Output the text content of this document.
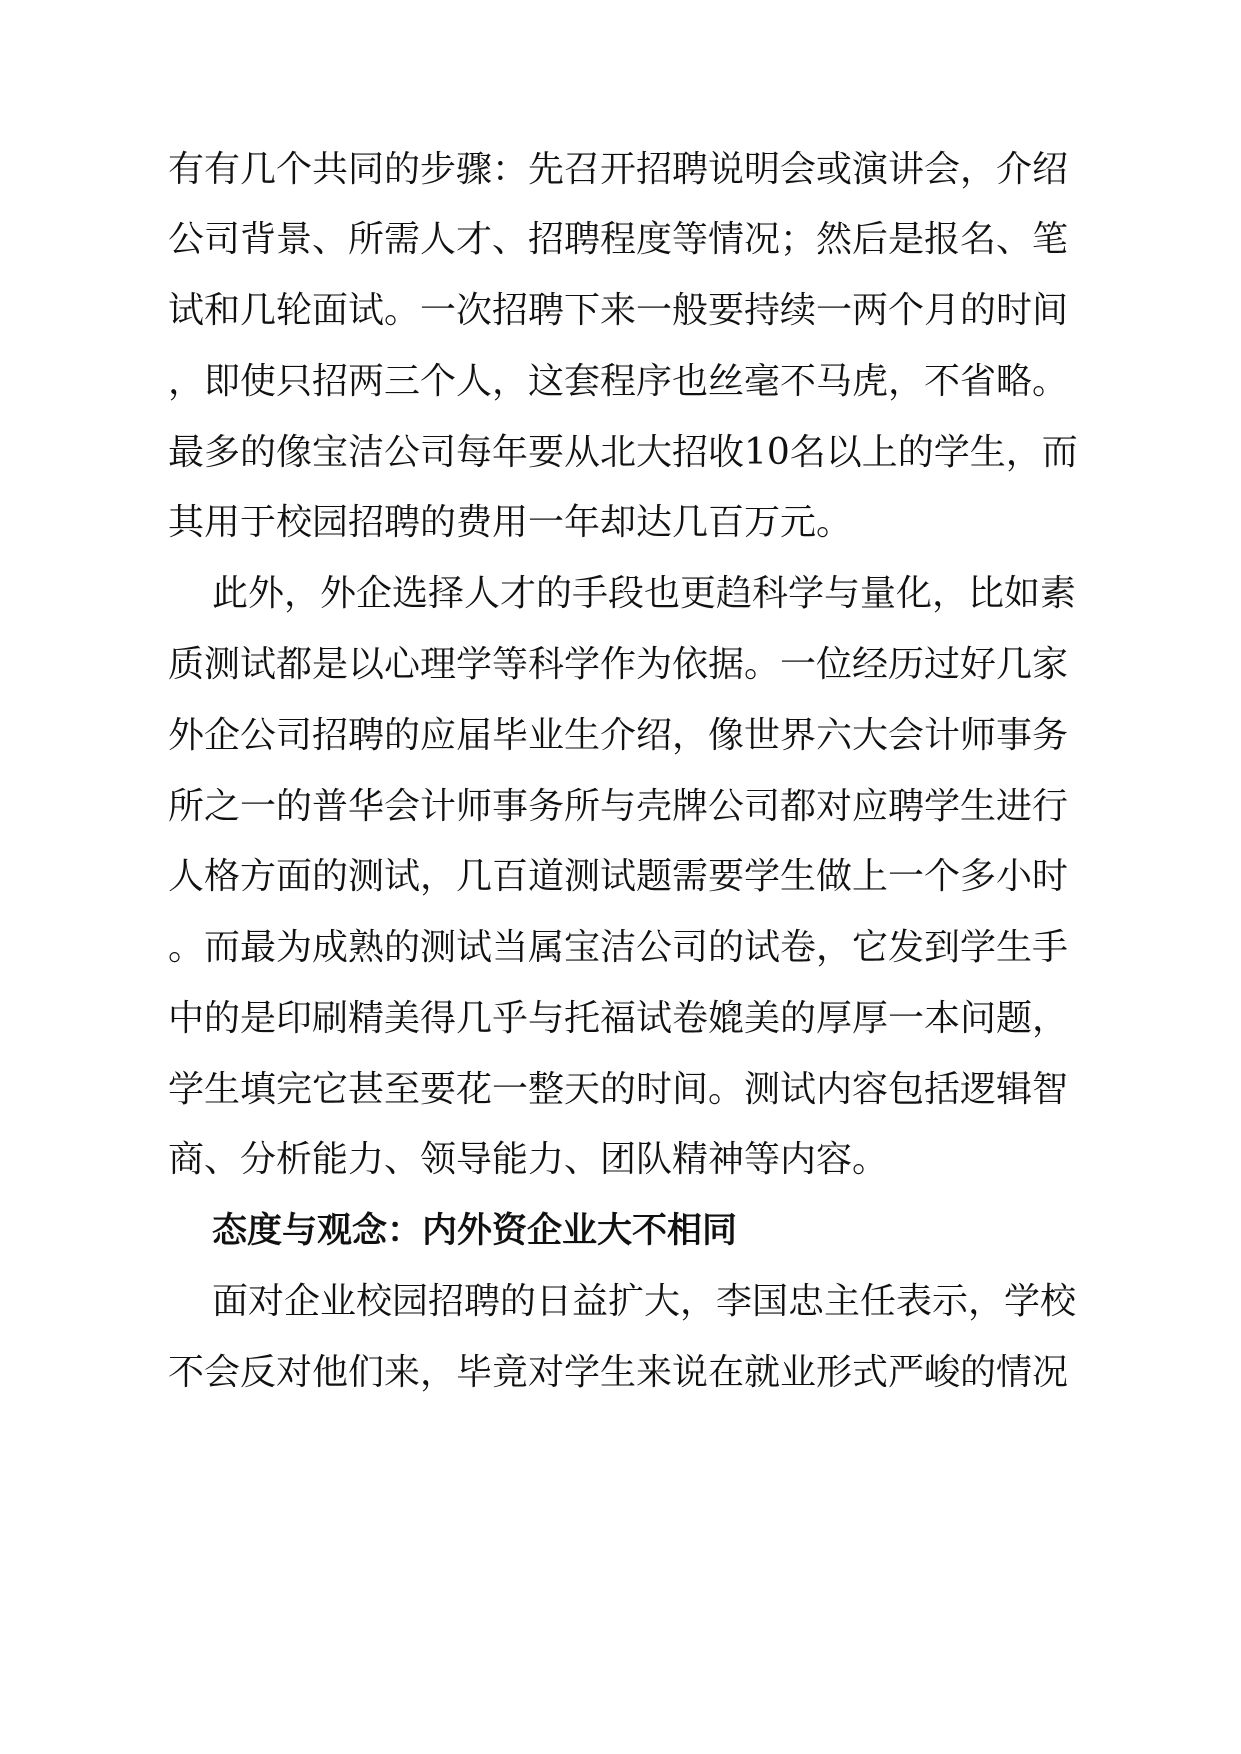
有有几个共同的步骤：先召开招聘说明会或演讲会，介绍
公司背景、所需人才、招聘程度等情况；然后是报名、笔
试和几轮面试。一次招聘下来一般要持续一两个月的时间
，即使只招两三个人，这套程序也丝毫不马虎，不省略。
最多的像宝洁公司每年要从北大招收10名以上的学生，而
其用于校园招聘的费用一年却达几百万元。
此外，外企选择人才的手段也更趋科学与量化，比如素
质测试都是以心理学等科学作为依据。一位经历过好几家
外企公司招聘的应届毕业生介绍，像世界六大会计师事务
所之一的普华会计师事务所与壳牌公司都对应聘学生进行
人格方面的测试，几百道测试题需要学生做上一个多小时
。而最为成熟的测试当属宝洁公司的试卷，它发到学生手
中的是印刷精美得几乎与托福试卷媲美的厚厚一本问题，
学生填完它甚至要花一整天的时间。测试内容包括逻辑智
商、分析能力、领导能力、团队精神等内容。
态度与观念：内外资企业大不相同
面对企业校园招聘的日益扩大，李国忠主任表示，学校
不会反对他们来，毕竟对学生来说在就业形式严峻的情况
